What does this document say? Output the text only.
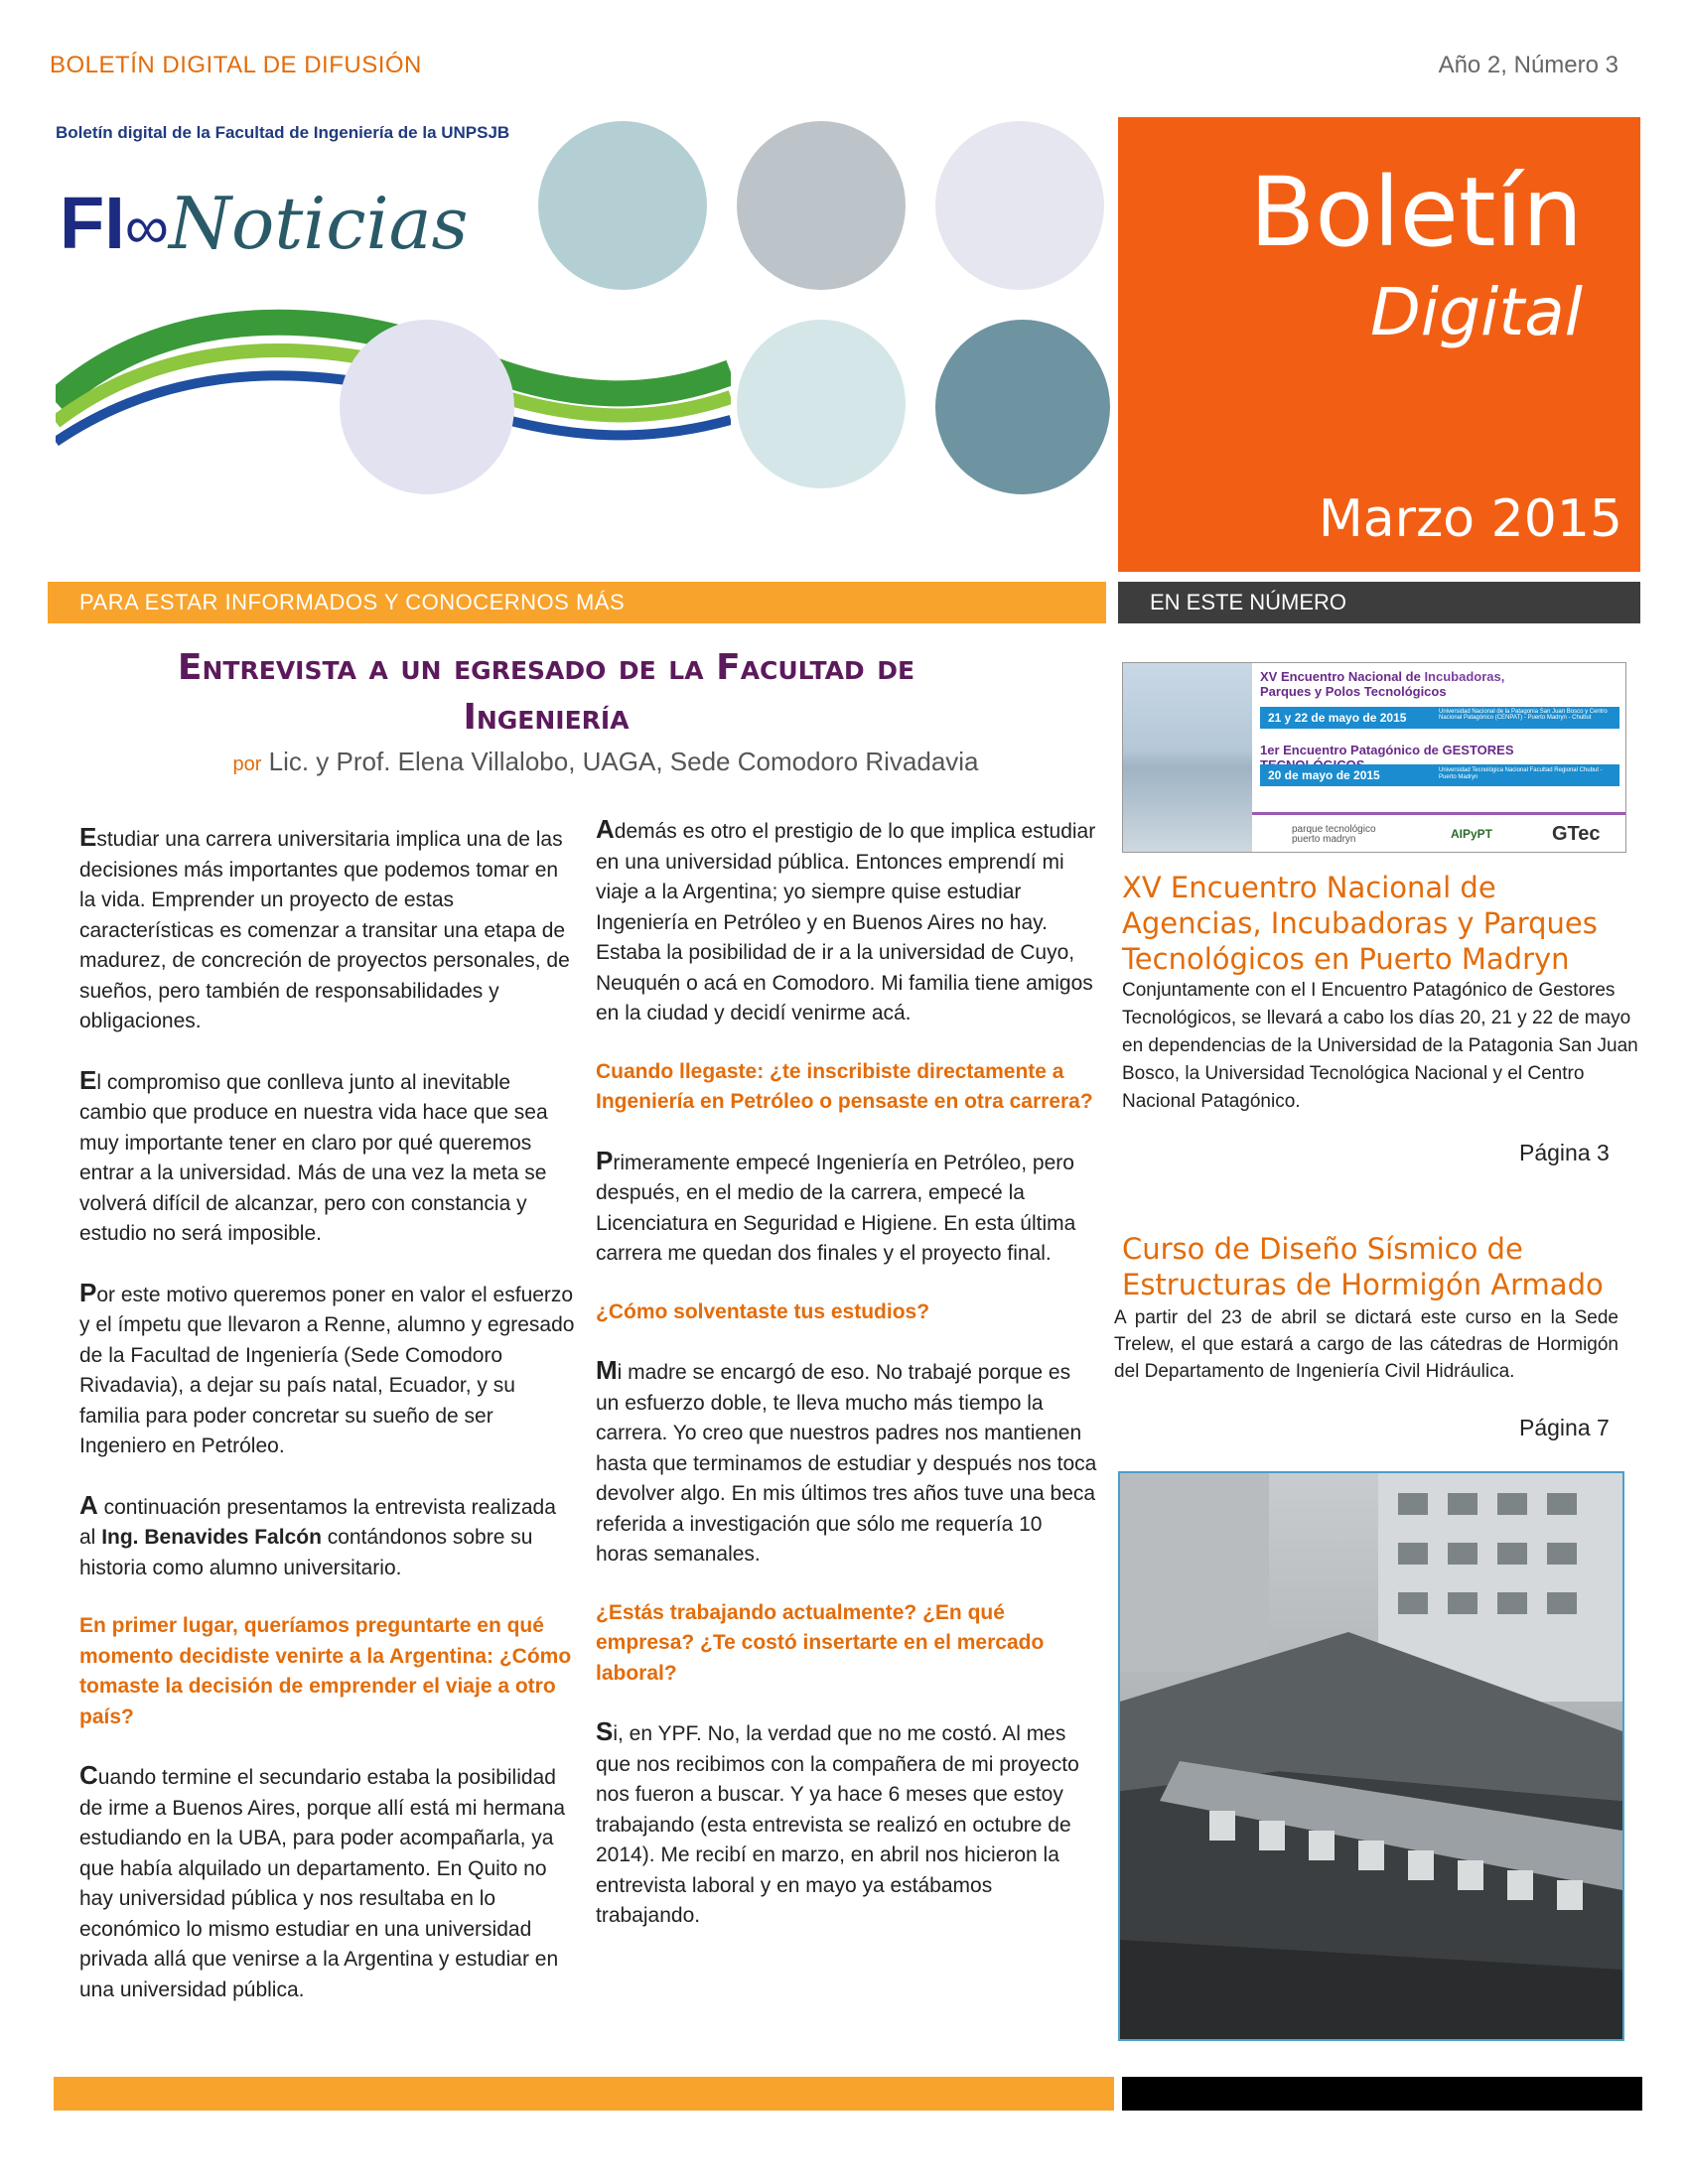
BOLETÍN DIGITAL DE DIFUSIÓN	Año 2, Número 3
Boletín digital de la Facultad de Ingeniería de la UNPSJB
FI∞Noticias	Boletín
Digital
Marzo 2015
PARA ESTAR INFORMADOS Y CONOCERNOS MÁS	EN ESTE NÚMERO
Entrevista a un egresado de la Facultad de
Ingeniería
por Lic. y Prof. Elena Villalobo, UAGA, Sede Comodoro Rivadavia

Estudiar una carrera universitaria implica una de las decisiones más importantes que podemos tomar en la vida. Emprender un proyecto de estas características es comenzar a transitar una etapa de madurez, de concreción de proyectos personales, de sueños, pero también de responsabilidades y obligaciones.

El compromiso que conlleva junto al inevitable cambio que produce en nuestra vida hace que sea muy importante tener en claro por qué queremos entrar a la universidad. Más de una vez la meta se volverá difícil de alcanzar, pero con constancia y estudio no será imposible.

Por este motivo queremos poner en valor el esfuerzo y el ímpetu que llevaron a Renne, alumno y egresado de la Facultad de Ingeniería (Sede Comodoro Rivadavia), a dejar su país natal, Ecuador, y su familia para poder concretar su sueño de ser Ingeniero en Petróleo.

A continuación presentamos la entrevista realizada al Ing. Benavides Falcón contándonos sobre su historia como alumno universitario.

En primer lugar, queríamos preguntarte en qué momento decidiste venirte a la Argentina: ¿Cómo tomaste la decisión de emprender el viaje a otro país?

Cuando termine el secundario estaba la posibilidad de irme a Buenos Aires, porque allí está mi hermana estudiando en la UBA, para poder acompañarla, ya que había alquilado un departamento. En Quito no hay universidad pública y nos resultaba en lo económico lo mismo estudiar en una universidad privada allá que venirse a la Argentina y estudiar en una universidad pública.

Además es otro el prestigio de lo que implica estudiar en una universidad pública. Entonces emprendí mi viaje a la Argentina; yo siempre quise estudiar Ingeniería en Petróleo y en Buenos Aires no hay. Estaba la posibilidad de ir a la universidad de Cuyo, Neuquén o acá en Comodoro. Mi familia tiene amigos en la ciudad y decidí venirme acá.

Cuando llegaste: ¿te inscribiste directamente a Ingeniería en Petróleo o pensaste en otra carrera?

Primeramente empecé Ingeniería en Petróleo, pero después, en el medio de la carrera, empecé la Licenciatura en Seguridad e Higiene. En esta última carrera me quedan dos finales y el proyecto final.

¿Cómo solventaste tus estudios?

Mi madre se encargó de eso. No trabajé porque es un esfuerzo doble, te lleva mucho más tiempo la carrera. Yo creo que nuestros padres nos mantienen hasta que terminamos de estudiar y después nos toca devolver algo. En mis últimos tres años tuve una beca referida a investigación que sólo me requería 10 horas semanales.

¿Estás trabajando actualmente? ¿En qué empresa? ¿Te costó insertarte en el mercado laboral?

Si, en YPF. No, la verdad que no me costó. Al mes que nos recibimos con la compañera de mi proyecto nos fueron a buscar. Y ya hace 6 meses que estoy trabajando (esta entrevista se realizó en octubre de 2014). Me recibí en marzo, en abril nos hicieron la entrevista laboral y en mayo ya estábamos trabajando.

XV Encuentro Nacional de Incubadoras,
Parques y Polos Tecnológicos
21 y 22 de mayo de 2015	Universidad Nacional de la Patagonia San Juan Bosco y Centro Nacional Patagónico (CENPAT) - Puerto Madryn - Chubut
1er Encuentro Patagónico de GESTORES
20 de mayo de 2015	Universidad Tecnológica Nacional Facultad Regional Chubut - Puerto Madryn
parque tecnológico puerto madryn	AIPyPT	GTec
XV Encuentro Nacional de Agencias, Incubadoras y Parques Tecnológicos en Puerto Madryn
Conjuntamente con el I Encuentro Patagónico de Gestores Tecnológicos, se llevará a cabo los días 20, 21 y 22 de mayo en dependencias de la Universidad de la Patagonia San Juan Bosco, la Universidad Tecnológica Nacional y el Centro Nacional Patagónico.
Página 3
Curso de Diseño Sísmico de Estructuras de Hormigón Armado
A partir del 23 de abril se dictará este curso en la Sede Trelew, el que estará a cargo de las cátedras de Hormigón del Departamento de Ingeniería Civil Hidráulica.
Página 7
